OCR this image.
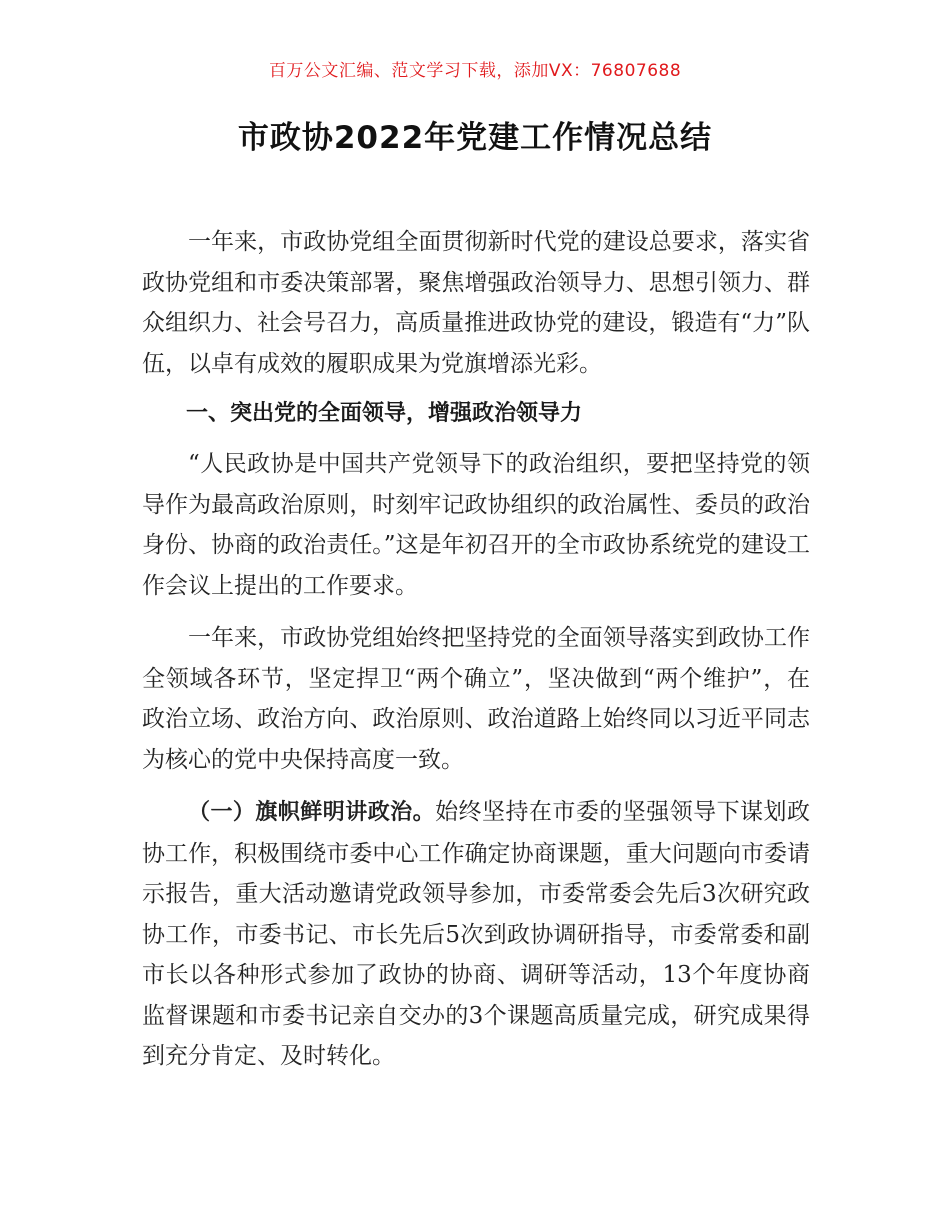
百万公文汇编、范文学习下载，添加VX：76807688
市政协2022年党建工作情况总结

一年来，市政协党组全面贯彻新时代党的建设总要求，落实省政协党组和市委决策部署，聚焦增强政治领导力、思想引领力、群众组织力、社会号召力，高质量推进政协党的建设，锻造有“力”队伍，以卓有成效的履职成果为党旗增添光彩。

一、突出党的全面领导，增强政治领导力

“人民政协是中国共产党领导下的政治组织，要把坚持党的领导作为最高政治原则，时刻牢记政协组织的政治属性、委员的政治身份、协商的政治责任。”这是年初召开的全市政协系统党的建设工作会议上提出的工作要求。

一年来，市政协党组始终把坚持党的全面领导落实到政协工作全领域各环节，坚定捍卫“两个确立”，坚决做到“两个维护”，在政治立场、政治方向、政治原则、政治道路上始终同以习近平同志为核心的党中央保持高度一致。

（一）旗帜鲜明讲政治。始终坚持在市委的坚强领导下谋划政协工作，积极围绕市委中心工作确定协商课题，重大问题向市委请示报告，重大活动邀请党政领导参加，市委常委会先后3次研究政协工作，市委书记、市长先后5次到政协调研指导，市委常委和副市长以各种形式参加了政协的协商、调研等活动，13个年度协商监督课题和市委书记亲自交办的3个课题高质量完成，研究成果得到充分肯定、及时转化。
